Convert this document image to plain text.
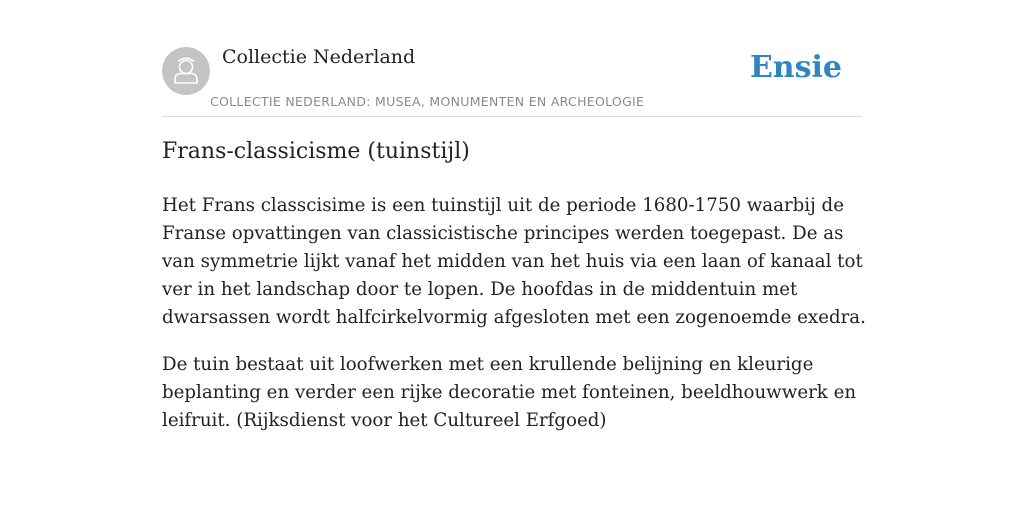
Collectie Nederland
COLLECTIE NEDERLAND: MUSEA, MONUMENTEN EN ARCHEOLOGIE
Ensie
Frans-classicisme (tuinstijl)

Het Frans classcisime is een tuinstijl uit de periode 1680-1750 waarbij de Franse opvattingen van classicistische principes werden toegepast. De as van symmetrie lijkt vanaf het midden van het huis via een laan of kanaal tot ver in het landschap door te lopen. De hoofdas in de middentuin met dwarsassen wordt halfcirkelvormig afgesloten met een zogenoemde exedra.

De tuin bestaat uit loofwerken met een krullende belijning en kleurige beplanting en verder een rijke decoratie met fonteinen, beeldhouwwerk en leifruit. (Rijksdienst voor het Cultureel Erfgoed)
